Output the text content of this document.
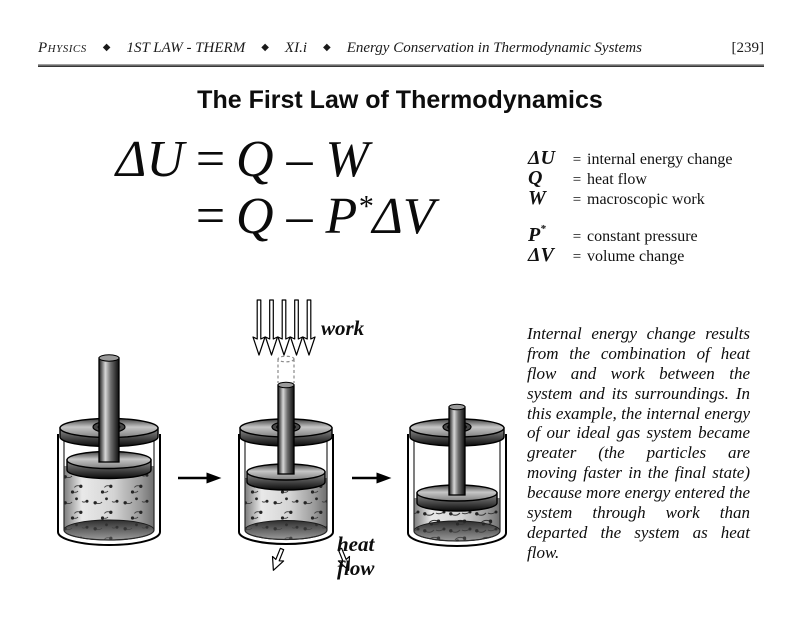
Physics ◆ 1ST LAW - THERM ◆ XI.i ◆ Energy Conservation in Thermodynamic Systems	[239]
The First Law of Thermodynamics
ΔU = Q – W
= Q – P*ΔV
ΔU	= internal energy change
Q	= heat flow
W	= macroscopic work
P*	= constant pressure
ΔV	= volume change
Internal energy change results from the combination of heat flow and work between the system and its surroundings. In this example, the internal energy of our ideal gas system became greater (the particles are moving faster in the final state) because more energy entered the system through work than departed the system as heat flow.
work
heat
flow
